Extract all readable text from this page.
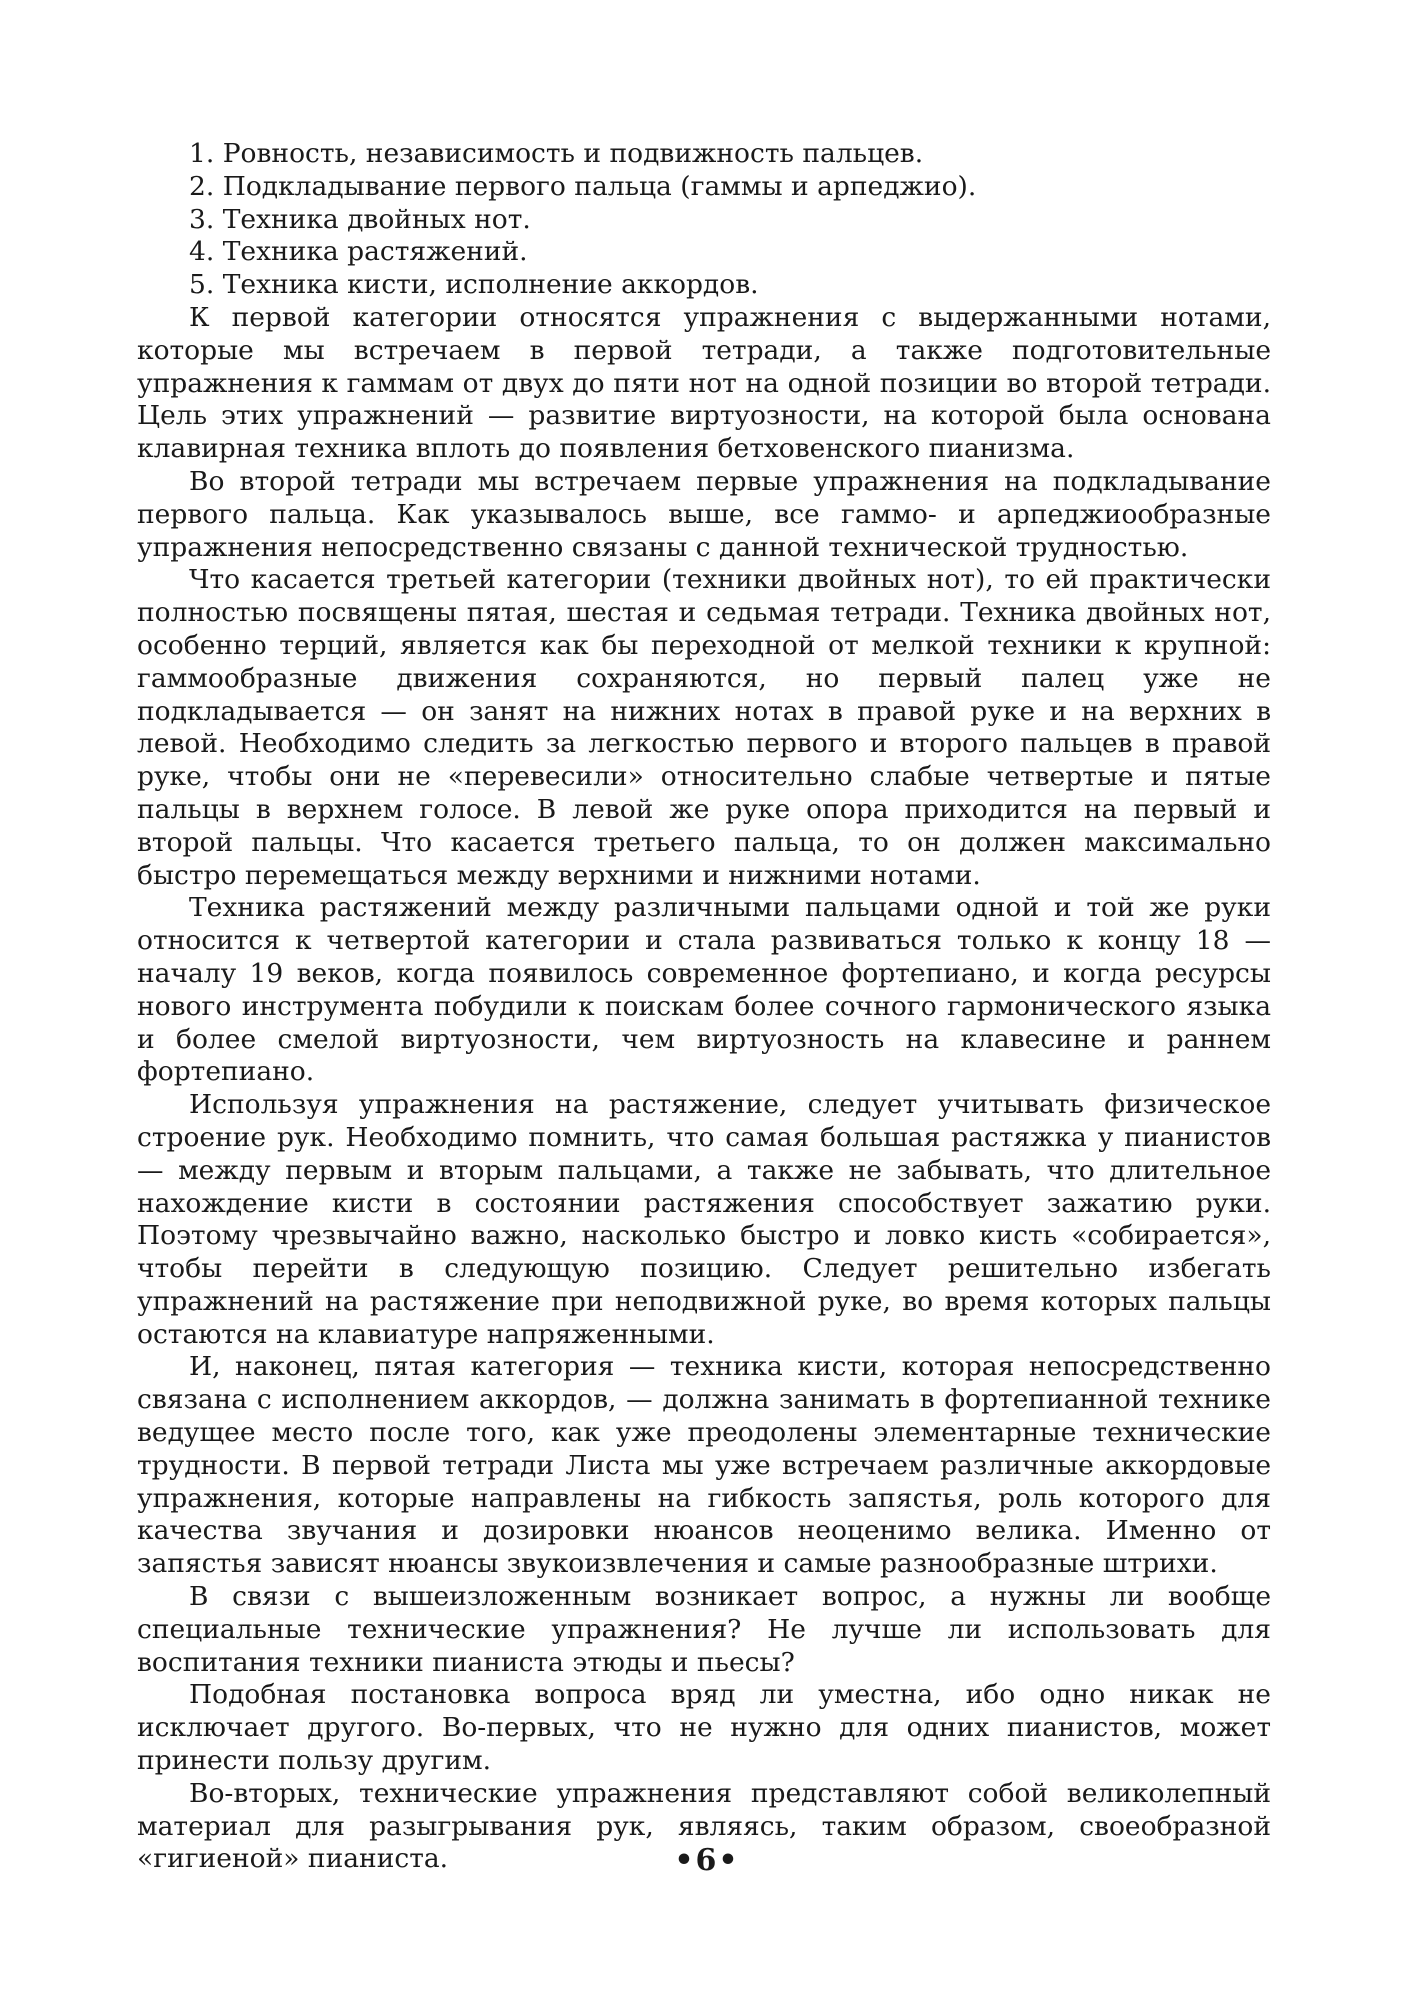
1. Ровность, независимость и подвижность пальцев.
2. Подкладывание первого пальца (гаммы и арпеджио).
3. Техника двойных нот.
4. Техника растяжений.
5. Техника кисти, исполнение аккордов.

К первой категории относятся упражнения с выдержанными нотами, которые мы встречаем в первой тетради, а также подготовительные упражнения к гаммам от двух до пяти нот на одной позиции во второй тетради. Цель этих упражнений — развитие виртуозности, на которой была основана клавирная техника вплоть до появления бетховенского пианизма.

Во второй тетради мы встречаем первые упражнения на подкладывание первого пальца. Как указывалось выше, все гаммо- и арпеджиообразные упражнения непосредственно связаны с данной технической трудностью.

Что касается третьей категории (техники двойных нот), то ей практически полностью посвящены пятая, шестая и седьмая тетради. Техника двойных нот, особенно терций, является как бы переходной от мелкой техники к крупной: гаммообразные движения сохраняются, но первый палец уже не подкладывается — он занят на нижних нотах в правой руке и на верхних в левой. Необходимо следить за легкостью первого и второго пальцев в правой руке, чтобы они не «перевесили» относительно слабые четвертые и пятые пальцы в верхнем голосе. В левой же руке опора приходится на первый и второй пальцы. Что касается третьего пальца, то он должен максимально быстро перемещаться между верхними и нижними нотами.

Техника растяжений между различными пальцами одной и той же руки относится к четвертой категории и стала развиваться только к концу 18 — началу 19 веков, когда появилось современное фортепиано, и когда ресурсы нового инструмента побудили к поискам более сочного гармонического языка и более смелой виртуозности, чем виртуозность на клавесине и раннем фортепиано.

Используя упражнения на растяжение, следует учитывать физическое строение рук. Необходимо помнить, что самая большая растяжка у пианистов — между первым и вторым пальцами, а также не забывать, что длительное нахождение кисти в состоянии растяжения способствует зажатию руки. Поэтому чрезвычайно важно, насколько быстро и ловко кисть «собирается», чтобы перейти в следующую позицию. Следует решительно избегать упражнений на растяжение при неподвижной руке, во время которых пальцы остаются на клавиатуре напряженными.

И, наконец, пятая категория — техника кисти, которая непосредственно связана с исполнением аккордов, — должна занимать в фортепианной технике ведущее место после того, как уже преодолены элементарные технические трудности. В первой тетради Листа мы уже встречаем различные аккордовые упражнения, которые направлены на гибкость запястья, роль которого для качества звучания и дозировки нюансов неоценимо велика. Именно от запястья зависят нюансы звукоизвлечения и самые разнообразные штрихи.

В связи с вышеизложенным возникает вопрос, а нужны ли вообще специальные технические упражнения? Не лучше ли использовать для воспитания техники пианиста этюды и пьесы?

Подобная постановка вопроса вряд ли уместна, ибо одно никак не исключает другого. Во-первых, что не нужно для одних пианистов, может принести пользу другим.

Во-вторых, технические упражнения представляют собой великолепный материал для разыгрывания рук, являясь, таким образом, своеобразной «гигиеной» пианиста.	•6•
